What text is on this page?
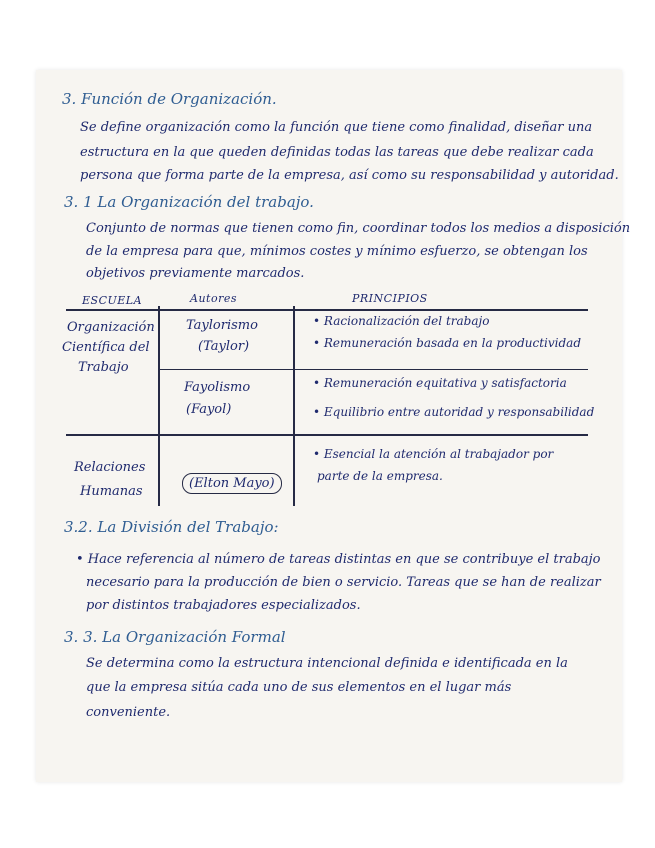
3. Función de Organización.
Se define organización como la función que tiene como finalidad, diseñar una
estructura en la que queden definidas todas las tareas que debe realizar cada
persona que forma parte de la empresa, así como su responsabilidad y autoridad.
3. 1 La Organización del trabajo.
Conjunto de normas que tienen como fin, coordinar todos los medios a disposición
de la empresa para que, mínimos costes y mínimo esfuerzo, se obtengan los
objetivos previamente marcados.
ESCUELA	Autores	PRINCIPIOS
Organización
Científica del
Trabajo
Taylorismo
(Taylor)
Fayolismo
(Fayol)
• Racionalización del trabajo
• Remuneración basada en la productividad
• Remuneración equitativa y satisfactoria
• Equilibrio entre autoridad y responsabilidad
Relaciones
Humanas
(Elton Mayo)
• Esencial la atención al trabajador por
parte de la empresa.
3.2. La División del Trabajo:
• Hace referencia al número de tareas distintas en que se contribuye el trabajo
necesario para la producción de bien o servicio. Tareas que se han de realizar
por distintos trabajadores especializados.
3. 3. La Organización Formal
Se determina como la estructura intencional definida e identificada en la
que la empresa sitúa cada uno de sus elementos en el lugar más
conveniente.
